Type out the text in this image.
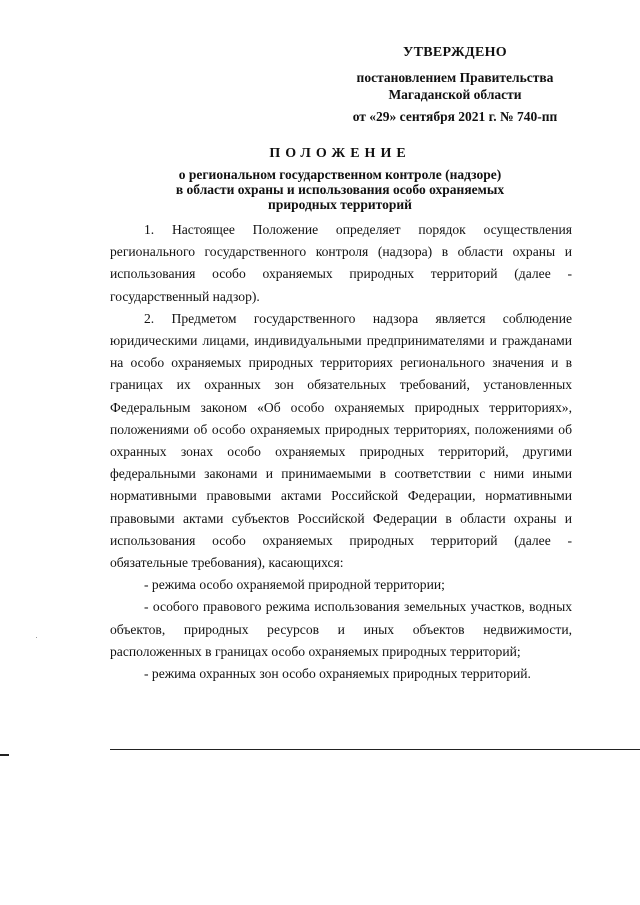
УТВЕРЖДЕНО
постановлением Правительства
Магаданской области
от «29» сентября 2021 г. № 740-пп
ПОЛОЖЕНИЕ
о региональном государственном контроле (надзоре)
в области охраны и использования особо охраняемых
природных территорий

1. Настоящее Положение определяет порядок осуществления регионального государственного контроля (надзора) в области охраны и использования особо охраняемых природных территорий (далее - государственный надзор).

2. Предметом государственного надзора является соблюдение юридическими лицами, индивидуальными предпринимателями и гражданами на особо охраняемых природных территориях регионального значения и в границах их охранных зон обязательных требований, установленных Федеральным законом «Об особо охраняемых природных территориях», положениями об особо охраняемых природных территориях, положениями об охранных зонах особо охраняемых природных территорий, другими федеральными законами и принимаемыми в соответствии с ними иными нормативными правовыми актами Российской Федерации, нормативными правовыми актами субъектов Российской Федерации в области охраны и использования особо охраняемых природных территорий (далее - обязательные требования), касающихся:

- режима особо охраняемой природной территории;

- особого правового режима использования земельных участков, водных объектов, природных ресурсов и иных объектов недвижимости, расположенных в границах особо охраняемых природных территорий;

- режима охранных зон особо охраняемых природных территорий.
